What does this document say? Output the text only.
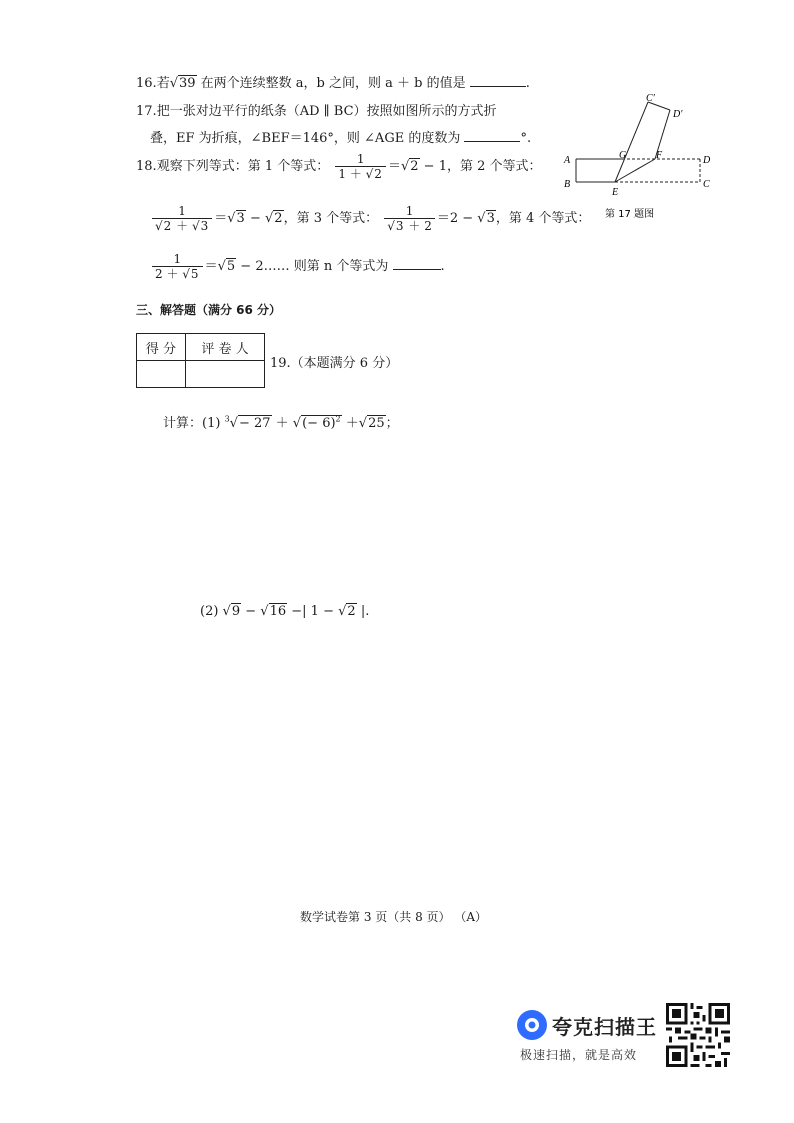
16.若√39 在两个连续整数 a，b 之间，则 a ＋ b 的值是	.
17.把一张对边平行的纸条（AD ∥ BC）按照如图所示的方式折
叠，EF 为折痕，∠BEF＝146°，则 ∠AGE 的度数为	°.
18.观察下列等式：第 1 个等式： $\frac{1}{1 + √2} =√2 - 1$，第 2 个等式：
$\frac{1}{√2 + √3} =√3 - √2$，第 3 个等式： $\frac{1}{√3 + 2} =2 - √3$，第 4 个等式：
$\frac{1}{2 + √5} =√5$ − 2…… 则第 n 个等式为	.
A
B
D
C
E
F
G
C′
D′
第 17 题图
三、解答题（满分 66 分）
得 分	评 卷 人

19.（本题满分 6 分）
计算：(1) $^3$√− 27 ＋ √(− 6)$^2$ ＋√25；
(2) √9 − √16 −| 1 − √2 |.
数学试卷第 3 页（共 8 页） （A）
夸克扫描王
极速扫描，就是高效
